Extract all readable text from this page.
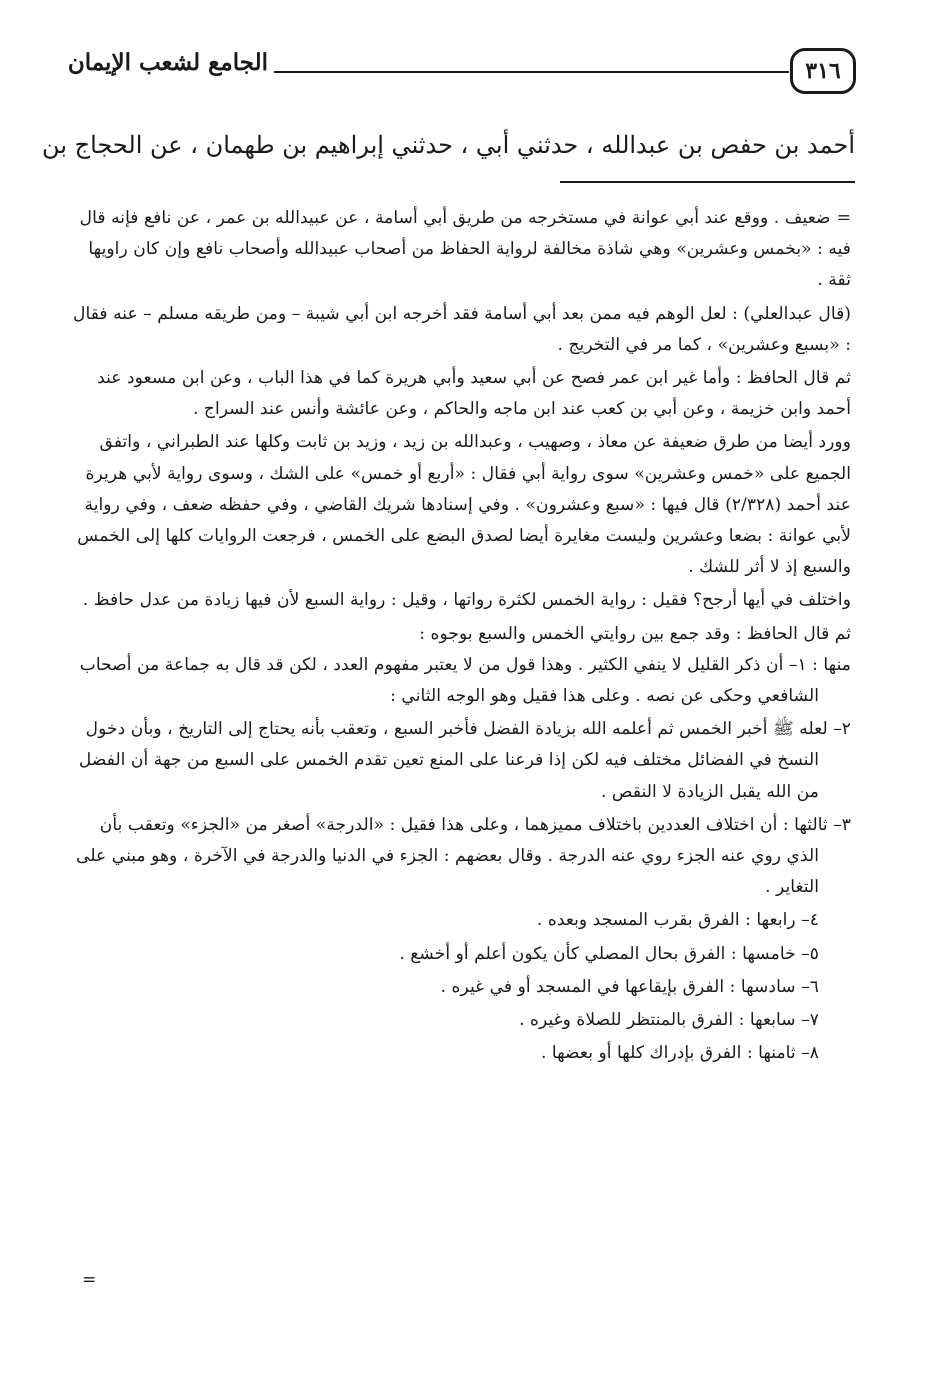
٣١٦
الجامع لشعب الإيمان
أحمد بن حفص بن عبدالله ، حدثني أبي ، حدثني إبراهيم بن طهمان ، عن الحجاج بن

=ضعيف . ووقع عند أبي عوانة في مستخرجه من طريق أبي أسامة ، عن عبيدالله بن عمر ، عن نافع فإنه قال فيه : «بخمس وعشرين» وهي شاذة مخالفة لرواية الحفاظ من أصحاب عبيدالله وأصحاب نافع وإن كان راويها ثقة .

(قال عبدالعلي) : لعل الوهم فيه ممن بعد أبي أسامة فقد أخرجه ابن أبي شيبة – ومن طريقه مسلم – عنه فقال : «بسبع وعشرين» ، كما مر في التخريج .

ثم قال الحافظ : وأما غير ابن عمر فصح عن أبي سعيد وأبي هريرة كما في هذا الباب ، وعن ابن مسعود عند أحمد وابن خزيمة ، وعن أبي بن كعب عند ابن ماجه والحاكم ، وعن عائشة وأنس عند السراج .

وورد أيضا من طرق ضعيفة عن معاذ ، وصهيب ، وعبدالله بن زيد ، وزيد بن ثابت وكلها عند الطبراني ، واتفق الجميع على «خمس وعشرين» سوى رواية أبي فقال : «أربع أو خمس» على الشك ، وسوى رواية لأبي هريرة عند أحمد (٢/٣٢٨) قال فيها : «سبع وعشرون» . وفي إسنادها شريك القاضي ، وفي حفظه ضعف ، وفي رواية لأبي عوانة : بضعا وعشرين وليست مغايرة أيضا لصدق البضع على الخمس ، فرجعت الروايات كلها إلى الخمس والسبع إذ لا أثر للشك .

واختلف في أيها أرجح؟ فقيل : رواية الخمس لكثرة رواتها ، وقيل : رواية السبع لأن فيها زيادة من عدل حافظ .

ثم قال الحافظ : وقد جمع بين روايتي الخمس والسبع بوجوه :

منها : ١– أن ذكر القليل لا ينفي الكثير . وهذا قول من لا يعتبر مفهوم العدد ، لكن قد قال به جماعة من أصحاب الشافعي وحكى عن نصه . وعلى هذا فقيل وهو الوجه الثاني :

٢– لعله ﷺ أخبر الخمس ثم أعلمه الله بزيادة الفضل فأخبر السبع ، وتعقب بأنه يحتاج إلى التاريخ ، وبأن دخول النسخ في الفضائل مختلف فيه لكن إذا فرعنا على المنع تعين تقدم الخمس على السبع من جهة أن الفضل من الله يقبل الزيادة لا النقص .

٣– ثالثها : أن اختلاف العددين باختلاف مميزهما ، وعلى هذا فقيل : «الدرجة» أصغر من «الجزء» وتعقب بأن الذي روي عنه الجزء روي عنه الدرجة . وقال بعضهم : الجزء في الدنيا والدرجة في الآخرة ، وهو مبني على التغاير .

٤– رابعها : الفرق بقرب المسجد وبعده .

٥– خامسها : الفرق بحال المصلي كأن يكون أعلم أو أخشع .

٦– سادسها : الفرق بإيقاعها في المسجد أو في غيره .

٧– سابعها : الفرق بالمنتظر للصلاة وغيره .

٨– ثامنها : الفرق بإدراك كلها أو بعضها .

=
